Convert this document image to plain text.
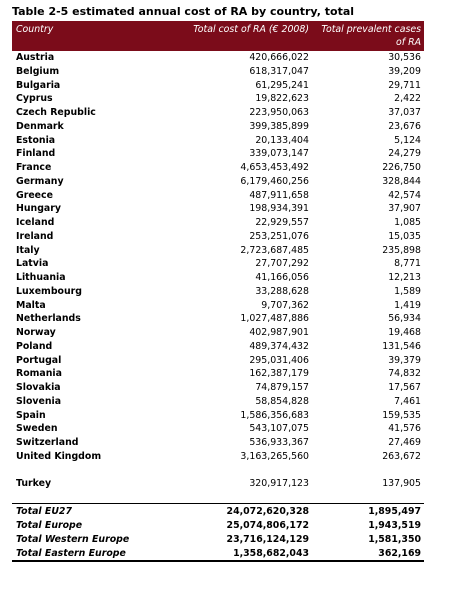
Table 2-5 estimated annual cost of RA by country, total
Country	Total cost of RA (€ 2008)	Total prevalent cases of RA
Austria	420,666,022	30,536
Belgium	618,317,047	39,209
Bulgaria	61,295,241	29,711
Cyprus	19,822,623	2,422
Czech Republic	223,950,063	37,037
Denmark	399,385,899	23,676
Estonia	20,133,404	5,124
Finland	339,073,147	24,279
France	4,653,453,492	226,750
Germany	6,179,460,256	328,844
Greece	487,911,658	42,574
Hungary	198,934,391	37,907
Iceland	22,929,557	1,085
Ireland	253,251,076	15,035
Italy	2,723,687,485	235,898
Latvia	27,707,292	8,771
Lithuania	41,166,056	12,213
Luxembourg	33,288,628	1,589
Malta	9,707,362	1,419
Netherlands	1,027,487,886	56,934
Norway	402,987,901	19,468
Poland	489,374,432	131,546
Portugal	295,031,406	39,379
Romania	162,387,179	74,832
Slovakia	74,879,157	17,567
Slovenia	58,854,828	7,461
Spain	1,586,356,683	159,535
Sweden	543,107,075	41,576
Switzerland	536,933,367	27,469
United Kingdom	3,163,265,560	263,672

Turkey	320,917,123	137,905

Total EU27	24,072,620,328	1,895,497
Total Europe	25,074,806,172	1,943,519
Total Western Europe	23,716,124,129	1,581,350
Total Eastern Europe	1,358,682,043	362,169
